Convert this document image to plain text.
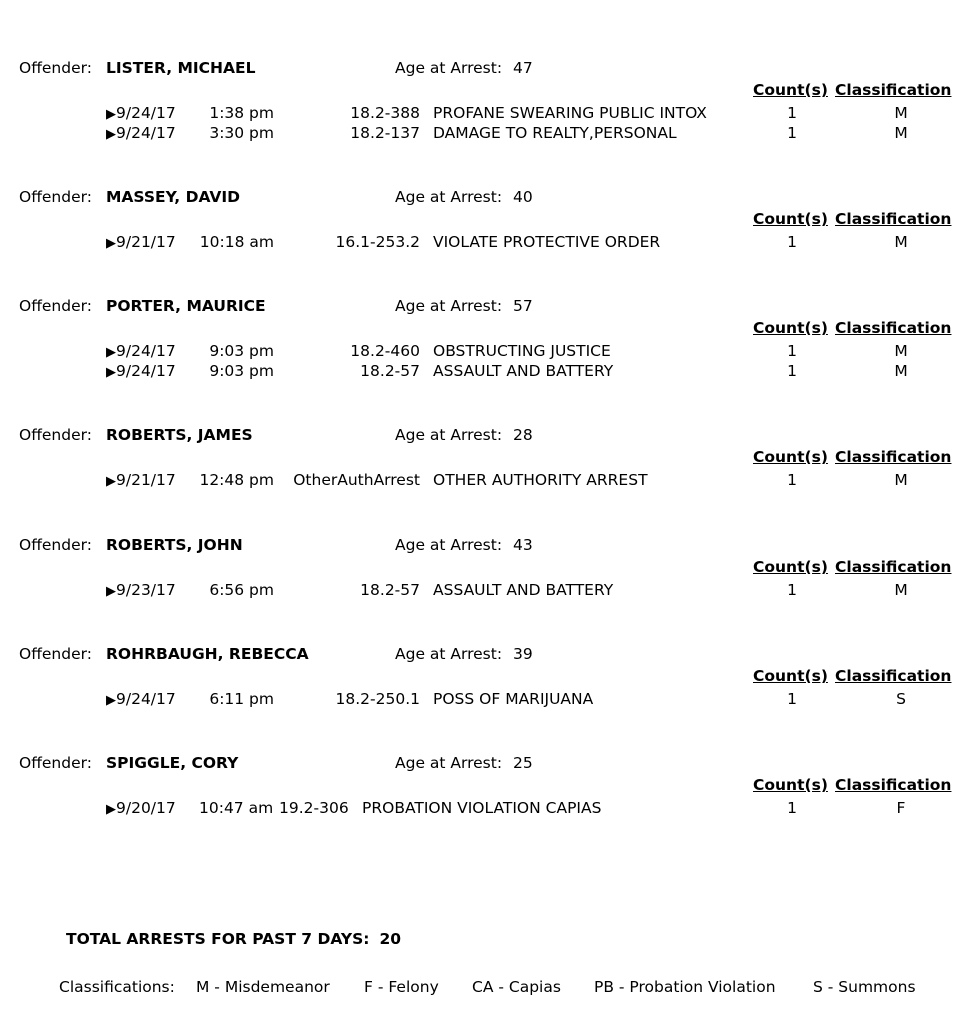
Offender: LISTER, MICHAEL	Age at Arrest: 47
Count(s) Classification
▶9/24/17 1:38 pm	18.2-388 PROFANE SWEARING PUBLIC INTOX	1	M
▶9/24/17 3:30 pm	18.2-137 DAMAGE TO REALTY,PERSONAL	1	M
Offender: MASSEY, DAVID	Age at Arrest: 40
Count(s) Classification
▶9/21/17 10:18 am	16.1-253.2 VIOLATE PROTECTIVE ORDER	1	M
Offender: PORTER, MAURICE	Age at Arrest: 57
Count(s) Classification
▶9/24/17 9:03 pm	18.2-460 OBSTRUCTING JUSTICE	1	M
▶9/24/17 9:03 pm	18.2-57 ASSAULT AND BATTERY	1	M
Offender: ROBERTS, JAMES	Age at Arrest: 28
Count(s) Classification
▶9/21/17 12:48 pm OtherAuthArrest OTHER AUTHORITY ARREST	1	M
Offender: ROBERTS, JOHN	Age at Arrest: 43
Count(s) Classification
▶9/23/17 6:56 pm	18.2-57 ASSAULT AND BATTERY	1	M
Offender: ROHRBAUGH, REBECCA	Age at Arrest: 39
Count(s) Classification
▶9/24/17 6:11 pm	18.2-250.1 POSS OF MARIJUANA	1	S
Offender: SPIGGLE, CORY	Age at Arrest: 25
Count(s) Classification
▶9/20/17 10:47 am 19.2-306 PROBATION VIOLATION CAPIAS	1	F
TOTAL ARRESTS FOR PAST 7 DAYS: 20
Classifications: M - Misdemeanor F - Felony CA - Capias PB - Probation Violation S - Summons
